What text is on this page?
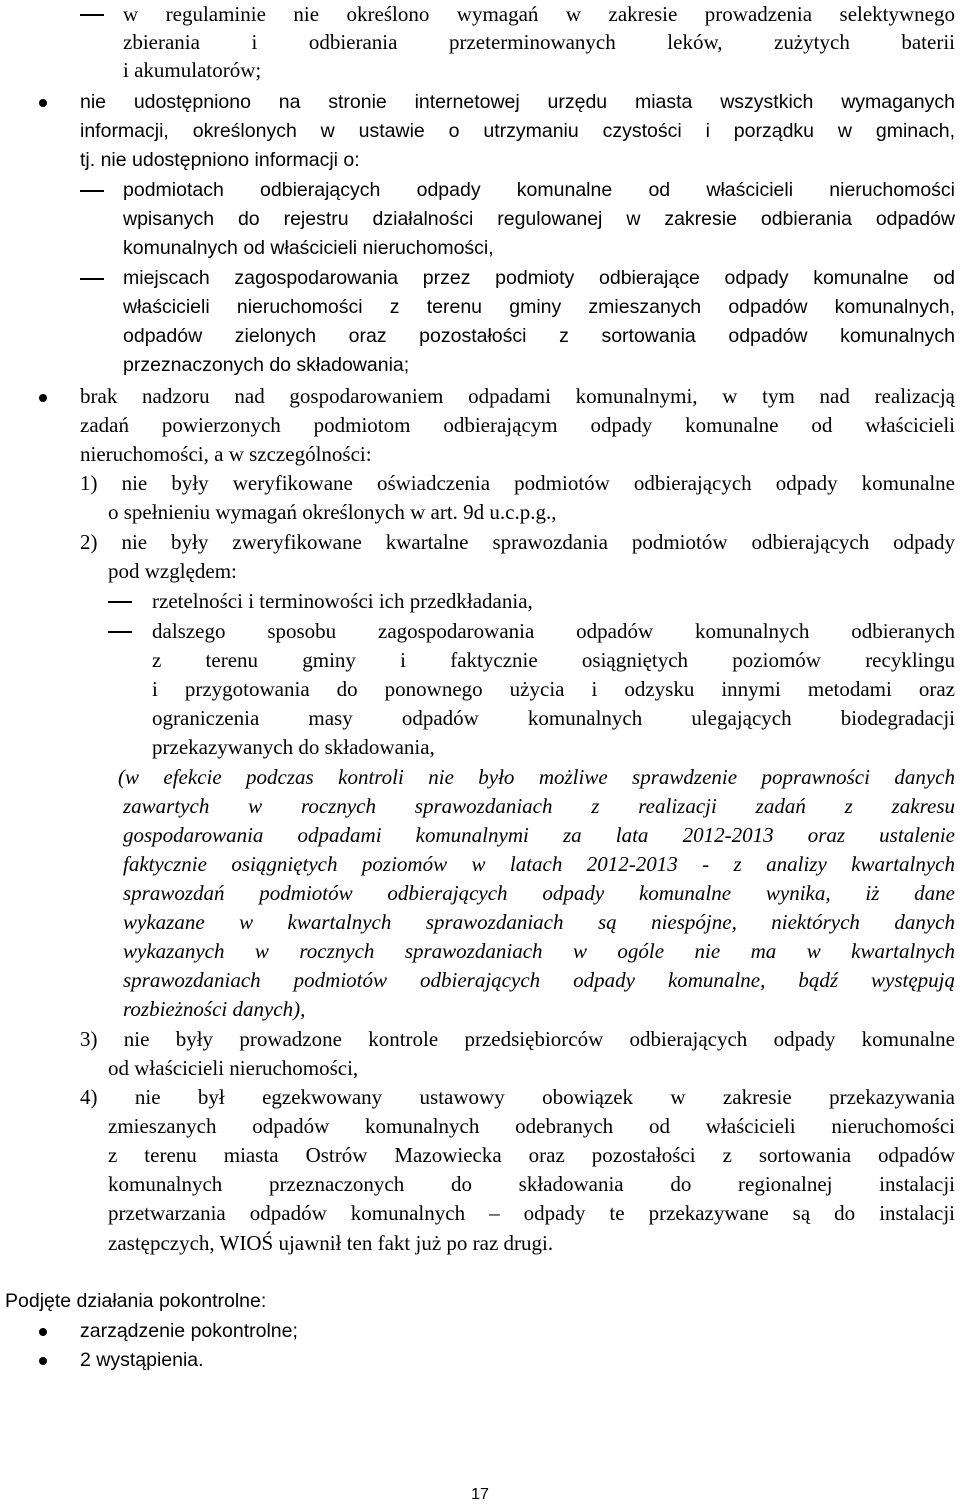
w regulaminie nie określono wymagań w zakresie prowadzenia selektywnego
zbierania i odbierania przeterminowanych leków, zużytych baterii
i akumulatorów;
nie udostępniono na stronie internetowej urzędu miasta wszystkich wymaganych
informacji, określonych w ustawie o utrzymaniu czystości i porządku w gminach,
tj. nie udostępniono informacji o:
podmiotach odbierających odpady komunalne od właścicieli nieruchomości
wpisanych do rejestru działalności regulowanej w zakresie odbierania odpadów
komunalnych od właścicieli nieruchomości,
miejscach zagospodarowania przez podmioty odbierające odpady komunalne od
właścicieli nieruchomości z terenu gminy zmieszanych odpadów komunalnych,
odpadów zielonych oraz pozostałości z sortowania odpadów komunalnych
przeznaczonych do składowania;
brak nadzoru nad gospodarowaniem odpadami komunalnymi, w tym nad realizacją
zadań powierzonych podmiotom odbierającym odpady komunalne od właścicieli
nieruchomości, a w szczególności:
1) nie były weryfikowane oświadczenia podmiotów odbierających odpady komunalne
o spełnieniu wymagań określonych w art. 9d u.c.p.g.,
2) nie były zweryfikowane kwartalne sprawozdania podmiotów odbierających odpady
pod względem:
rzetelności i terminowości ich przedkładania,
dalszego sposobu zagospodarowania odpadów komunalnych odbieranych
z terenu gminy i faktycznie osiągniętych poziomów recyklingu
i przygotowania do ponownego użycia i odzysku innymi metodami oraz
ograniczenia masy odpadów komunalnych ulegających biodegradacji
przekazywanych do składowania,
(w efekcie podczas kontroli nie było możliwe sprawdzenie poprawności danych
zawartych w rocznych sprawozdaniach z realizacji zadań z zakresu
gospodarowania odpadami komunalnymi za lata 2012-2013 oraz ustalenie
faktycznie osiągniętych poziomów w latach 2012-2013 - z analizy kwartalnych
sprawozdań podmiotów odbierających odpady komunalne wynika, iż dane
wykazane w kwartalnych sprawozdaniach są niespójne, niektórych danych
wykazanych w rocznych sprawozdaniach w ogóle nie ma w kwartalnych
sprawozdaniach podmiotów odbierających odpady komunalne, bądź występują
rozbieżności danych),
3) nie były prowadzone kontrole przedsiębiorców odbierających odpady komunalne
od właścicieli nieruchomości,
4) nie był egzekwowany ustawowy obowiązek w zakresie przekazywania
zmieszanych odpadów komunalnych odebranych od właścicieli nieruchomości
z terenu miasta Ostrów Mazowiecka oraz pozostałości z sortowania odpadów
komunalnych przeznaczonych do składowania do regionalnej instalacji
przetwarzania odpadów komunalnych – odpady te przekazywane są do instalacji
zastępczych, WIOŚ ujawnił ten fakt już po raz drugi.
Podjęte działania pokontrolne:
zarządzenie pokontrolne;
2 wystąpienia.
17
